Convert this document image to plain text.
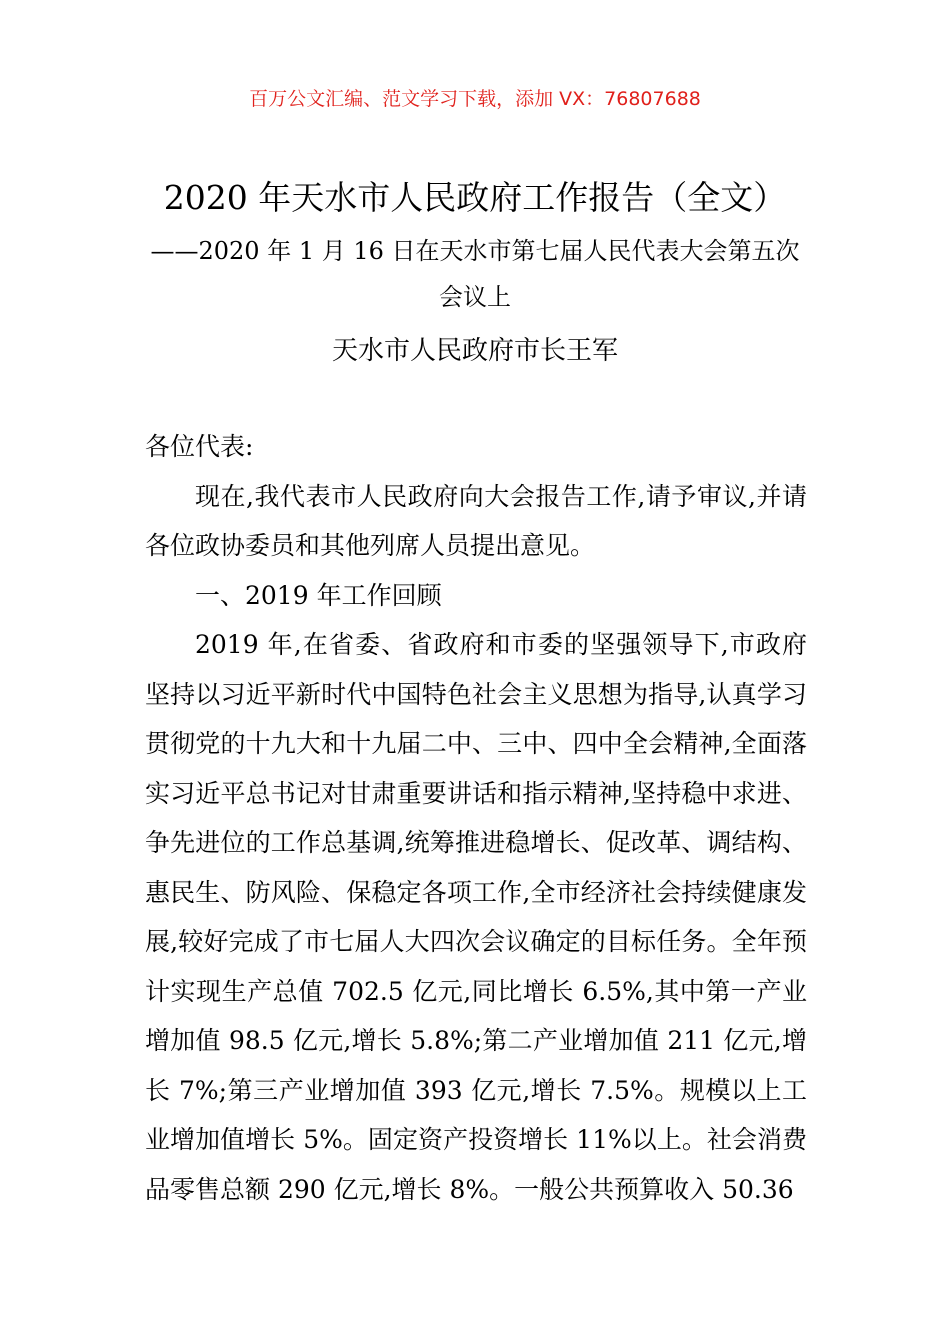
百万公文汇编、范文学习下载，添加 VX：76807688
2020 年天水市人民政府工作报告（全文）
——2020 年 1 月 16 日在天水市第七届人民代表大会第五次会议上
天水市人民政府市长王军

各位代表:

现在,我代表市人民政府向大会报告工作,请予审议,并请各位政协委员和其他列席人员提出意见。

一、2019 年工作回顾

2019 年,在省委、省政府和市委的坚强领导下,市政府坚持以习近平新时代中国特色社会主义思想为指导,认真学习贯彻党的十九大和十九届二中、三中、四中全会精神,全面落实习近平总书记对甘肃重要讲话和指示精神,坚持稳中求进、争先进位的工作总基调,统筹推进稳增长、促改革、调结构、惠民生、防风险、保稳定各项工作,全市经济社会持续健康发展,较好完成了市七届人大四次会议确定的目标任务。全年预计实现生产总值 702.5 亿元,同比增长 6.5%,其中第一产业增加值 98.5 亿元,增长 5.8%;第二产业增加值 211 亿元,增长 7%;第三产业增加值 393 亿元,增长 7.5%。规模以上工业增加值增长 5%。固定资产投资增长 11%以上。社会消费品零售总额 290 亿元,增长 8%。一般公共预算收入 50.36
